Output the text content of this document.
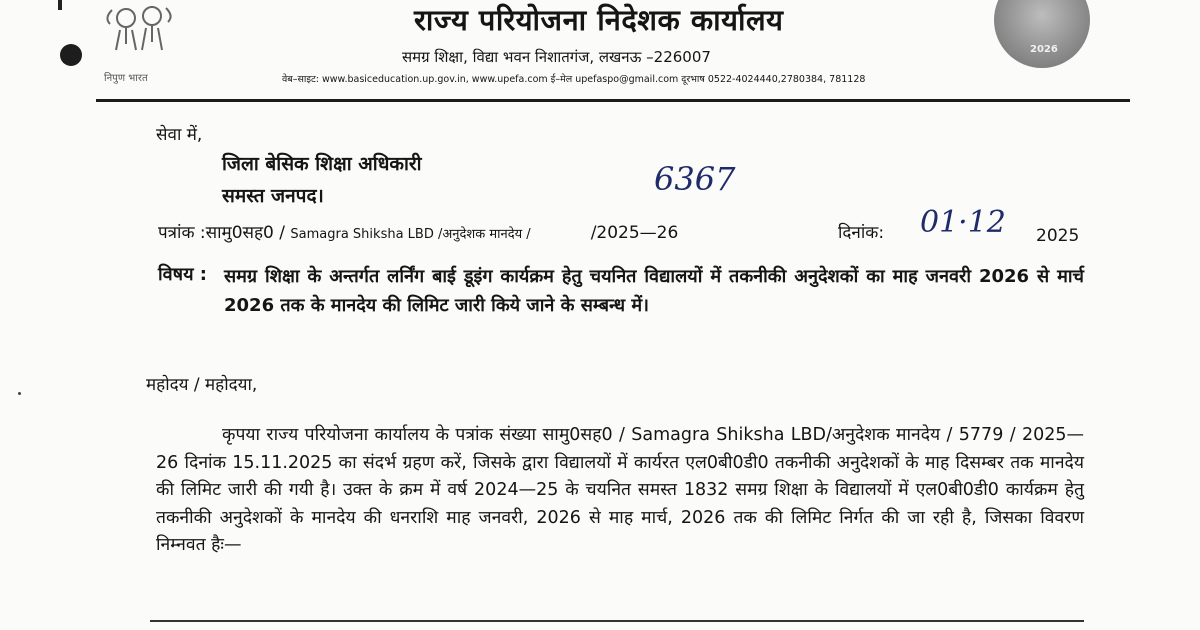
निपुण भारत
2026
राज्य परियोजना निदेशक कार्यालय
समग्र शिक्षा, विद्या भवन निशातगंज, लखनऊ –226007
वेब–साइट: www.basiceducation.up.gov.in, www.upefa.com ई–मेल upefaspo@gmail.com दूरभाष 0522-4024440,2780384, 781128
सेवा में,
जिला बेसिक शिक्षा अधिकारी
समस्त जनपद।	6367
पत्रांक :सामु0सह0 / Samagra Shiksha LBD /अनुदेशक मानदेय /	/2025—26	दिनांक: 01·12 2025
विषय : समग्र शिक्षा के अन्तर्गत लर्निंग बाई डूइंग कार्यक्रम हेतु चयनित विद्यालयों में तकनीकी अनुदेशकों का माह जनवरी 2026 से मार्च 2026 तक के मानदेय की लिमिट जारी किये जाने के सम्बन्ध में।
महोदय / महोदया,
कृपया राज्य परियोजना कार्यालय के पत्रांक संख्या सामु0सह0 / Samagra Shiksha LBD/अनुदेशक मानदेय / 5779 / 2025—26 दिनांक 15.11.2025 का संदर्भ ग्रहण करें, जिसके द्वारा विद्यालयों में कार्यरत एल0बी0डी0 तकनीकी अनुदेशकों के माह दिसम्बर तक मानदेय की लिमिट जारी की गयी है। उक्त के क्रम में वर्ष 2024—25 के चयनित समस्त 1832 समग्र शिक्षा के विद्यालयों में एल0बी0डी0 कार्यक्रम हेतु तकनीकी अनुदेशकों के मानदेय की धनराशि माह जनवरी, 2026 से माह मार्च, 2026 तक की लिमिट निर्गत की जा रही है, जिसका विवरण निम्नवत हैः—
